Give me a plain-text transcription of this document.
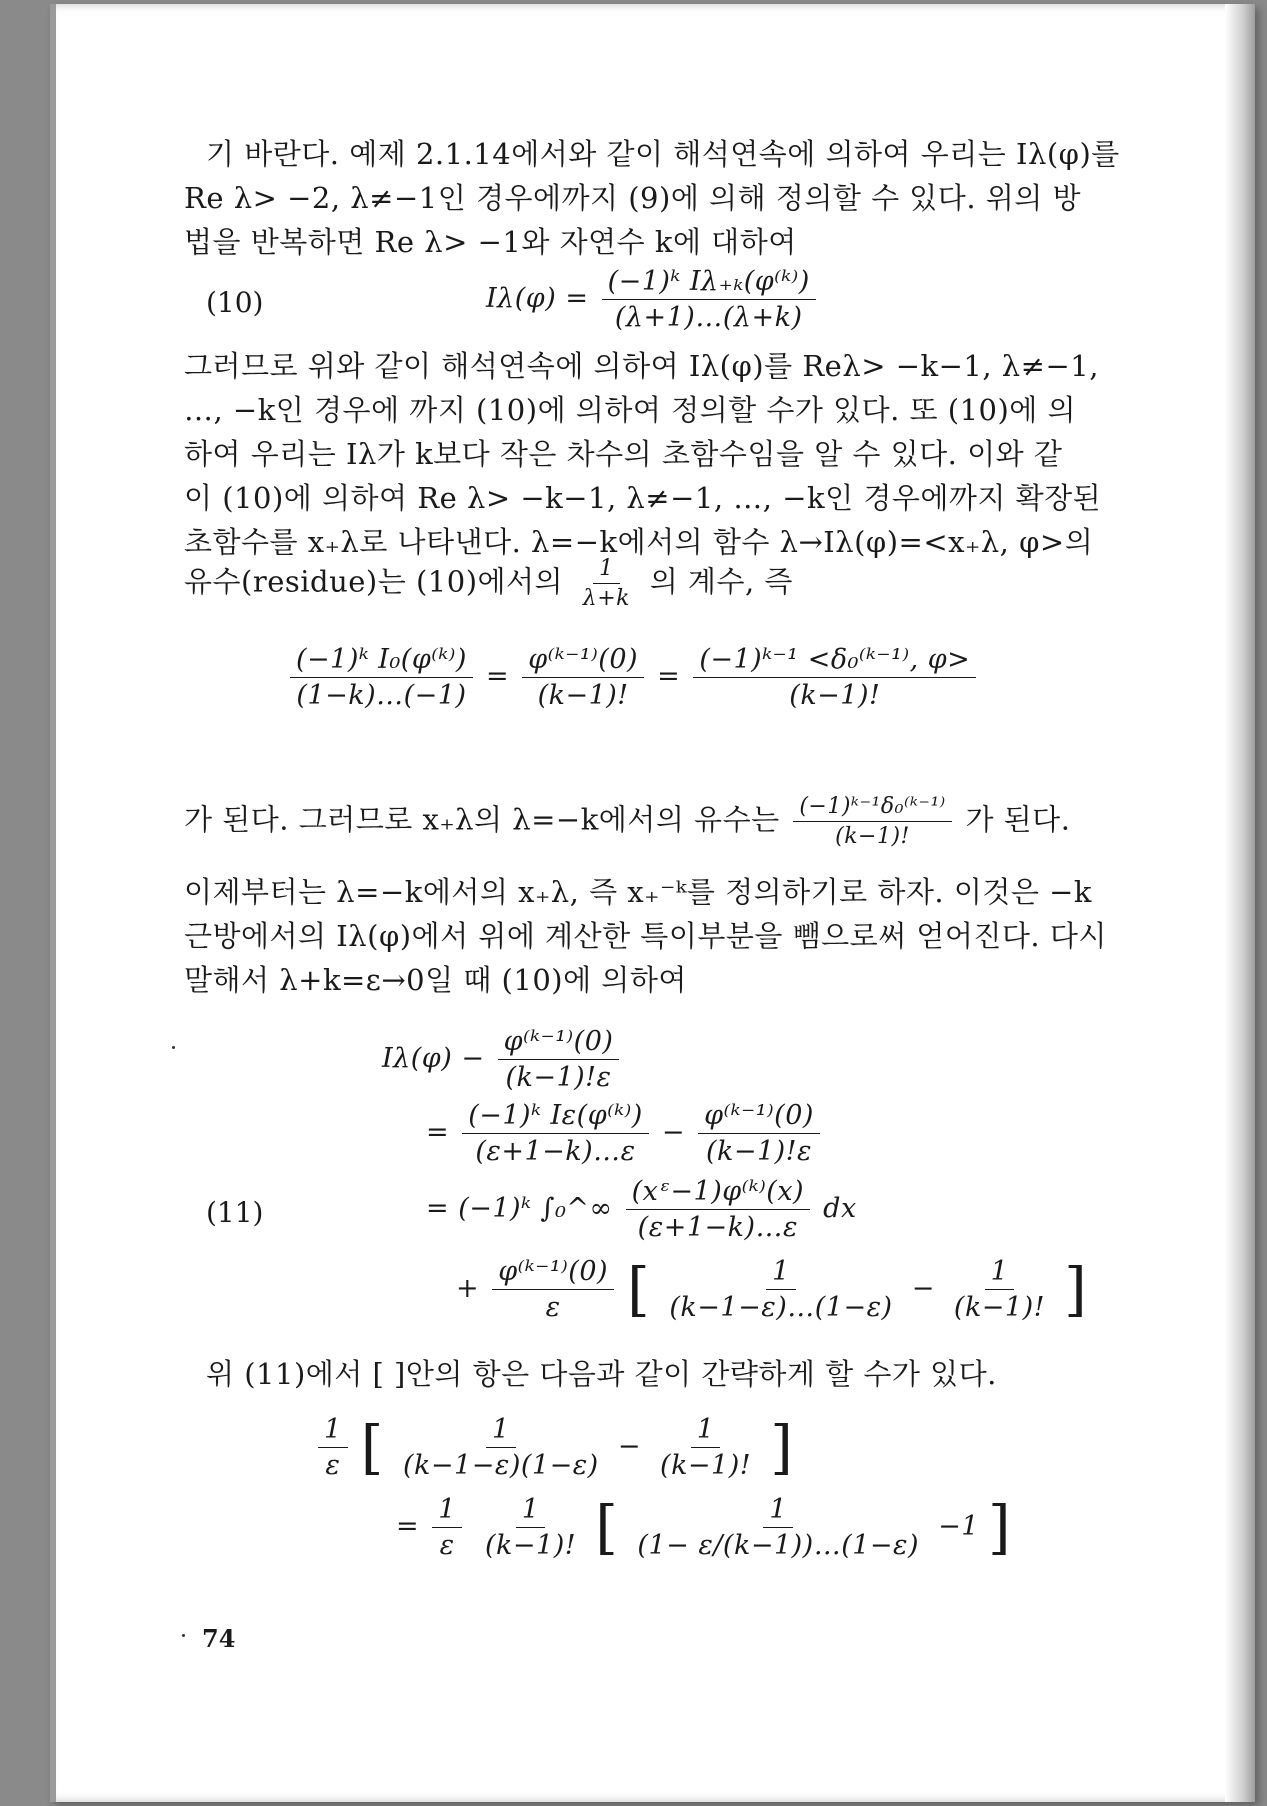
기 바란다. 예제 2.1.14에서와 같이 해석연속에 의하여 우리는 Iλ(φ)를
Re λ> −2, λ≠−1인 경우에까지 (9)에 의해 정의할 수 있다. 위의 방
법을 반복하면 Re λ> −1와 자연수 k에 대하여
(10)	$I\lambda(\varphi) = \frac{\text{(−1)ᵏ Iλ₊ₖ(φ⁽ᵏ⁾)}}{(\lambda+1)\dots(\lambda+k)}$
그러므로 위와 같이 해석연속에 의하여 Iλ(φ)를 Reλ> −k−1, λ≠−1,
…, −k인 경우에 까지 (10)에 의하여 정의할 수가 있다. 또 (10)에 의
하여 우리는 Iλ가 k보다 작은 차수의 초함수임을 알 수 있다. 이와 같
이 (10)에 의하여 Re λ> −k−1, λ≠−1, …, −k인 경우에까지 확장된
초함수를 x₊λ로 나타낸다. λ=−k에서의 함수 λ→Iλ(φ)=<x₊λ, φ>의
유수(residue)는 (10)에서의 $\frac{1}{\lambda+k}$ 의 계수, 즉
$\frac{\text{(−1)ᵏ I₀(φ⁽ᵏ⁾)}}{(1-k)\dots(-1)} = \frac{\text{φ⁽ᵏ⁻¹⁾(0)}}{(k-1)!} = \frac{\text{(−1)ᵏ⁻¹ <δ₀⁽ᵏ⁻¹⁾, φ>}}{(k-1)!}$
가 된다. 그러므로 x₊λ의 λ=−k에서의 유수는 $\frac{\text{(−1)ᵏ⁻¹δ₀⁽ᵏ⁻¹⁾}}{(k-1)!}$ 가 된다.
이제부터는 λ=−k에서의 x₊λ, 즉 x₊⁻ᵏ를 정의하기로 하자. 이것은 −k
근방에서의 Iλ(φ)에서 위에 계산한 특이부분을 뺌으로써 얻어진다. 다시
말해서 λ+k=ε→0일 때 (10)에 의하여
$I\lambda(\varphi) - \frac{\text{φ⁽ᵏ⁻¹⁾(0)}}{(k-1)!\varepsilon}$
= $\frac{\text{(−1)ᵏ Iε(φ⁽ᵏ⁾)}}{(\varepsilon+1-k)\dots\varepsilon} - \frac{\text{φ⁽ᵏ⁻¹⁾(0)}}{(k-1)!\varepsilon}$
(11)	= (−1)ᵏ ∫₀^∞ $\frac{\text{(xᵋ−1)φ⁽ᵏ⁾(x)}}{(\varepsilon+1-k)\dots\varepsilon}$ dx
+ $\frac{\text{φ⁽ᵏ⁻¹⁾(0)}}{\varepsilon}$ [ $\frac{1}{(k-1-\varepsilon)\dots(1-\varepsilon)} - \frac{1}{(k-1)!}$ ]
위 (11)에서 [ ]안의 항은 다음과 같이 간략하게 할 수가 있다.
$\frac{1}{\varepsilon}$ [ $\frac{1}{(k-1-\varepsilon)(1-\varepsilon)} - \frac{1}{(k-1)!}$ ]
= $\frac{1}{\varepsilon}$
$\frac{1}{(k-1)!}$ [ $\frac{1}{(1- \varepsilon/(k-1))\dots(1-\varepsilon)} -1$ ]
74
